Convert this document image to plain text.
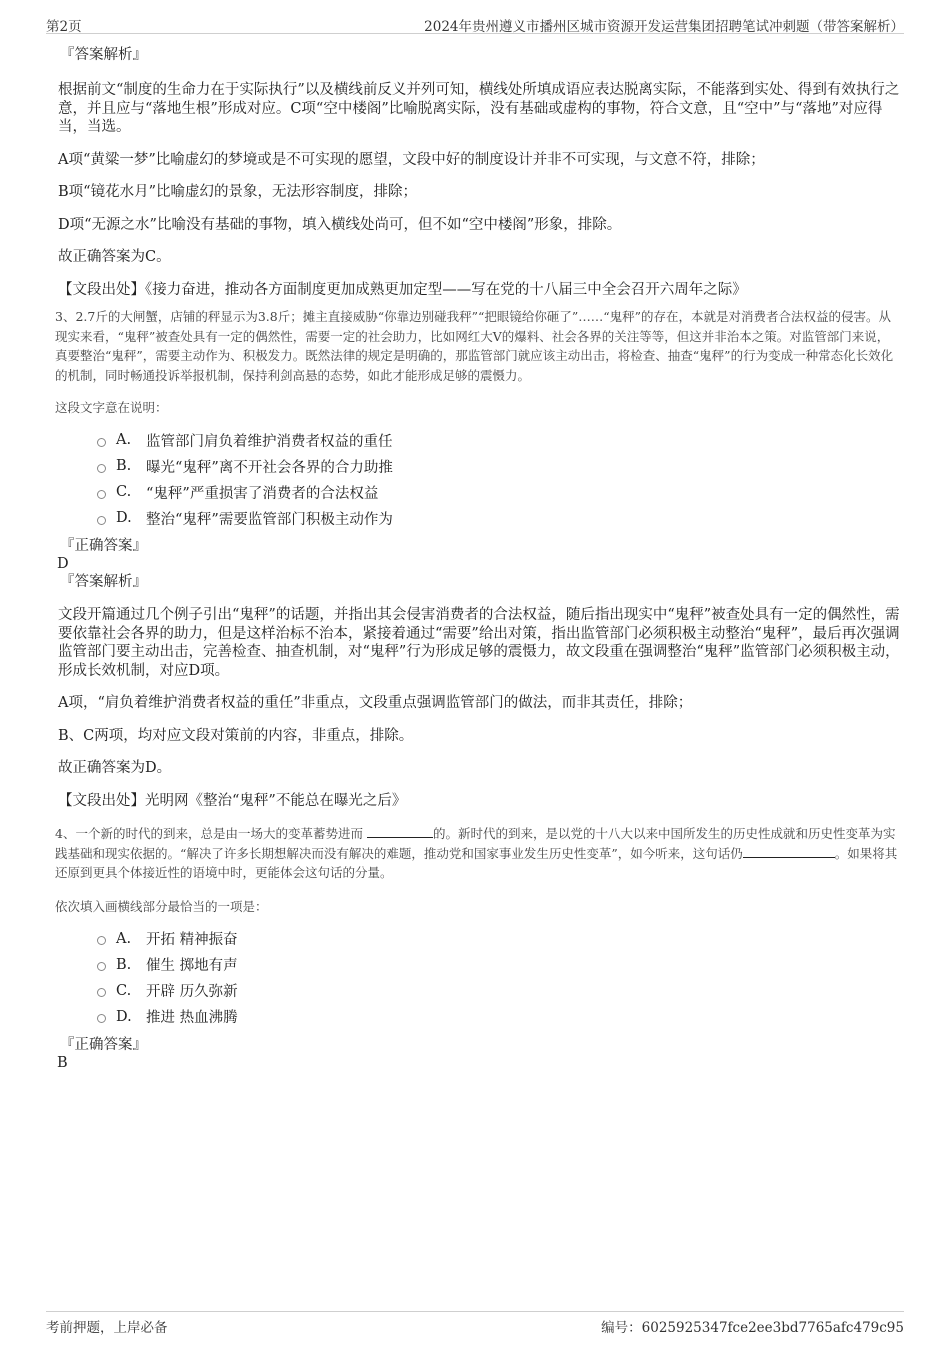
第2页	2024年贵州遵义市播州区城市资源开发运营集团招聘笔试冲刺题（带答案解析）

『答案解析』

根据前文“制度的生命力在于实际执行”以及横线前反义并列可知，横线处所填成语应表达脱离实际，不能落到实处、得到有效执行之意，并且应与“落地生根”形成对应。C项“空中楼阁”比喻脱离实际，没有基础或虚构的事物，符合文意，且“空中”与“落地”对应得当，当选。

A项“黄粱一梦”比喻虚幻的梦境或是不可实现的愿望，文段中好的制度设计并非不可实现，与文意不符，排除；

B项“镜花水月”比喻虚幻的景象，无法形容制度，排除；

D项“无源之水”比喻没有基础的事物，填入横线处尚可，但不如“空中楼阁”形象，排除。

故正确答案为C。

【文段出处】《接力奋进，推动各方面制度更加成熟更加定型——写在党的十八届三中全会召开六周年之际》

3、2.7斤的大闸蟹，店铺的秤显示为3.8斤；摊主直接威胁“你靠边别碰我秤”“把眼镜给你砸了”……“鬼秤”的存在，本就是对消费者合法权益的侵害。从现实来看，“鬼秤”被查处具有一定的偶然性，需要一定的社会助力，比如网红大V的爆料、社会各界的关注等等，但这并非治本之策。对监管部门来说，真要整治“鬼秤”，需要主动作为、积极发力。既然法律的规定是明确的，那监管部门就应该主动出击，将检查、抽查“鬼秤”的行为变成一种常态化长效化的机制，同时畅通投诉举报机制，保持利剑高悬的态势，如此才能形成足够的震慑力。

这段文字意在说明：

A.	监管部门肩负着维护消费者权益的重任
B.	曝光“鬼秤”离不开社会各界的合力助推
C.	“鬼秤”严重损害了消费者的合法权益
D. 整治“鬼秤”需要监管部门积极主动作为

『正确答案』

D

『答案解析』

文段开篇通过几个例子引出“鬼秤”的话题，并指出其会侵害消费者的合法权益，随后指出现实中“鬼秤”被查处具有一定的偶然性，需要依靠社会各界的助力，但是这样治标不治本，紧接着通过“需要”给出对策，指出监管部门必须积极主动整治“鬼秤”，最后再次强调监管部门要主动出击，完善检查、抽查机制，对“鬼秤”行为形成足够的震慑力，故文段重在强调整治“鬼秤”监管部门必须积极主动，形成长效机制，对应D项。

A项，“肩负着维护消费者权益的重任”非重点，文段重点强调监管部门的做法，而非其责任，排除；

B、C两项，均对应文段对策前的内容，非重点，排除。

故正确答案为D。

【文段出处】光明网《整治“鬼秤”不能总在曝光之后》

4、一个新的时代的到来，总是由一场大的变革蓄势进而	的。新时代的到来，是以党的十八大以来中国所发生的历史性成就和历史性变革为实践基础和现实依据的。“解决了许多长期想解决而没有解决的难题，推动党和国家事业发生历史性变革”，如今听来，这句话仍	。如果将其还原到更具个体接近性的语境中时，更能体会这句话的分量。

依次填入画横线部分最恰当的一项是：

A.	开拓 精神振奋
B.	催生 掷地有声
C.	开辟 历久弥新
D. 推进 热血沸腾

『正确答案』

B

考前押题，上岸必备	编号：6025925347fce2ee3bd7765afc479c95
